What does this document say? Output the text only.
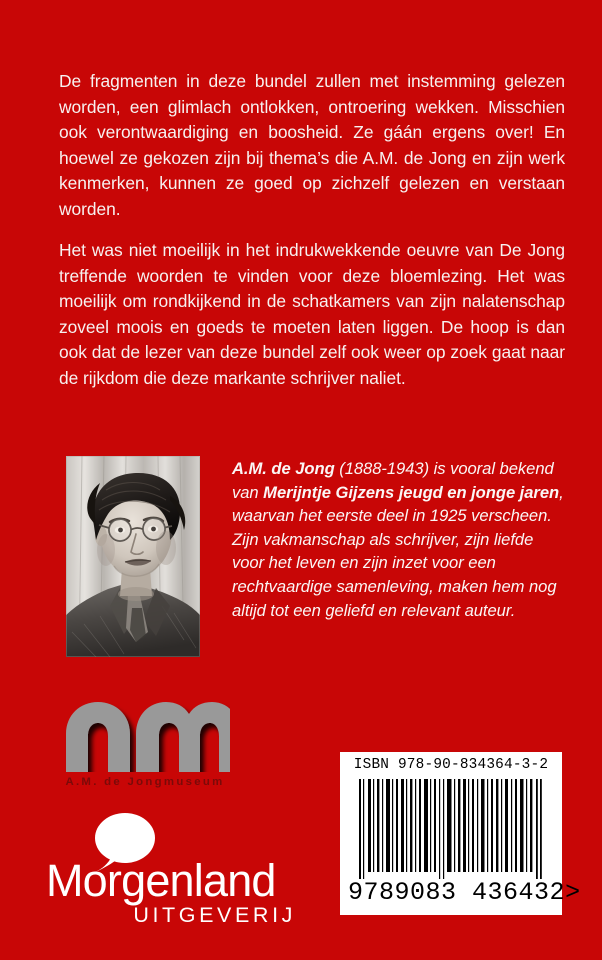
De fragmenten in deze bundel zullen met instemming gelezen worden, een glimlach ontlokken, ontroering wekken. Misschien ook verontwaardiging en boosheid. Ze gáán ergens over! En hoewel ze gekozen zijn bij thema’s die A.M. de Jong en zijn werk kenmerken, kunnen ze goed op zichzelf gelezen en verstaan worden.

Het was niet moeilijk in het indrukwekkende oeuvre van De Jong treffende woorden te vinden voor deze bloemlezing. Het was moeilijk om rondkijkend in de schatkamers van zijn nalatenschap zoveel moois en goeds te moeten laten liggen. De hoop is dan ook dat de lezer van deze bundel zelf ook weer op zoek gaat naar de rijkdom die deze markante schrijver naliet.

A.M. de Jong (1888-1943) is vooral bekend van Merijntje Gijzens jeugd en jonge jaren, waarvan het eerste deel in 1925 verscheen. Zijn vakmanschap als schrijver, zijn liefde voor het leven en zijn inzet voor een rechtvaardige samenleving, maken hem nog altijd tot een geliefd en relevant auteur.
A.M. de Jongmuseum
Morgenland
UITGEVERIJ
ISBN 978-90-834364-3-2
9 789083 436432 >
